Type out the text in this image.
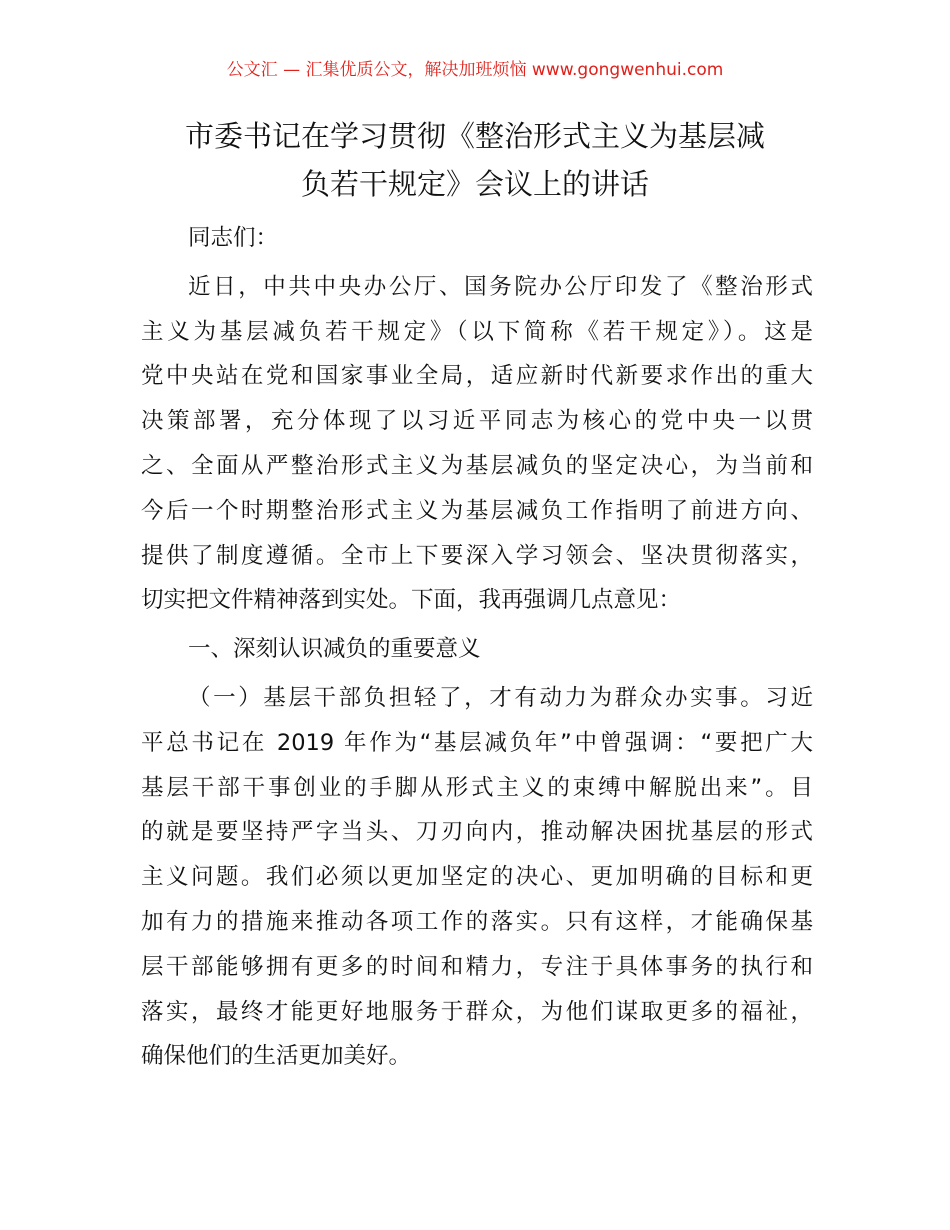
公文汇 — 汇集优质公文，解决加班烦恼 www.gongwenhui.com
市委书记在学习贯彻《整治形式主义为基层减
负若干规定》会议上的讲话

同志们：

近日，中共中央办公厅、国务院办公厅印发了《整治形式
主义为基层减负若干规定》（以下简称《若干规定》）。这是
党中央站在党和国家事业全局，适应新时代新要求作出的重大
决策部署，充分体现了以习近平同志为核心的党中央一以贯
之、全面从严整治形式主义为基层减负的坚定决心，为当前和
今后一个时期整治形式主义为基层减负工作指明了前进方向、
提供了制度遵循。全市上下要深入学习领会、坚决贯彻落实，
切实把文件精神落到实处。下面，我再强调几点意见：

一、深刻认识减负的重要意义

（一）基层干部负担轻了，才有动力为群众办实事。习近
平总书记在 2019 年作为“基层减负年”中曾强调：“要把广大
基层干部干事创业的手脚从形式主义的束缚中解脱出来”。目
的就是要坚持严字当头、刀刃向内，推动解决困扰基层的形式
主义问题。我们必须以更加坚定的决心、更加明确的目标和更
加有力的措施来推动各项工作的落实。只有这样，才能确保基
层干部能够拥有更多的时间和精力，专注于具体事务的执行和
落实，最终才能更好地服务于群众，为他们谋取更多的福祉，
确保他们的生活更加美好。
